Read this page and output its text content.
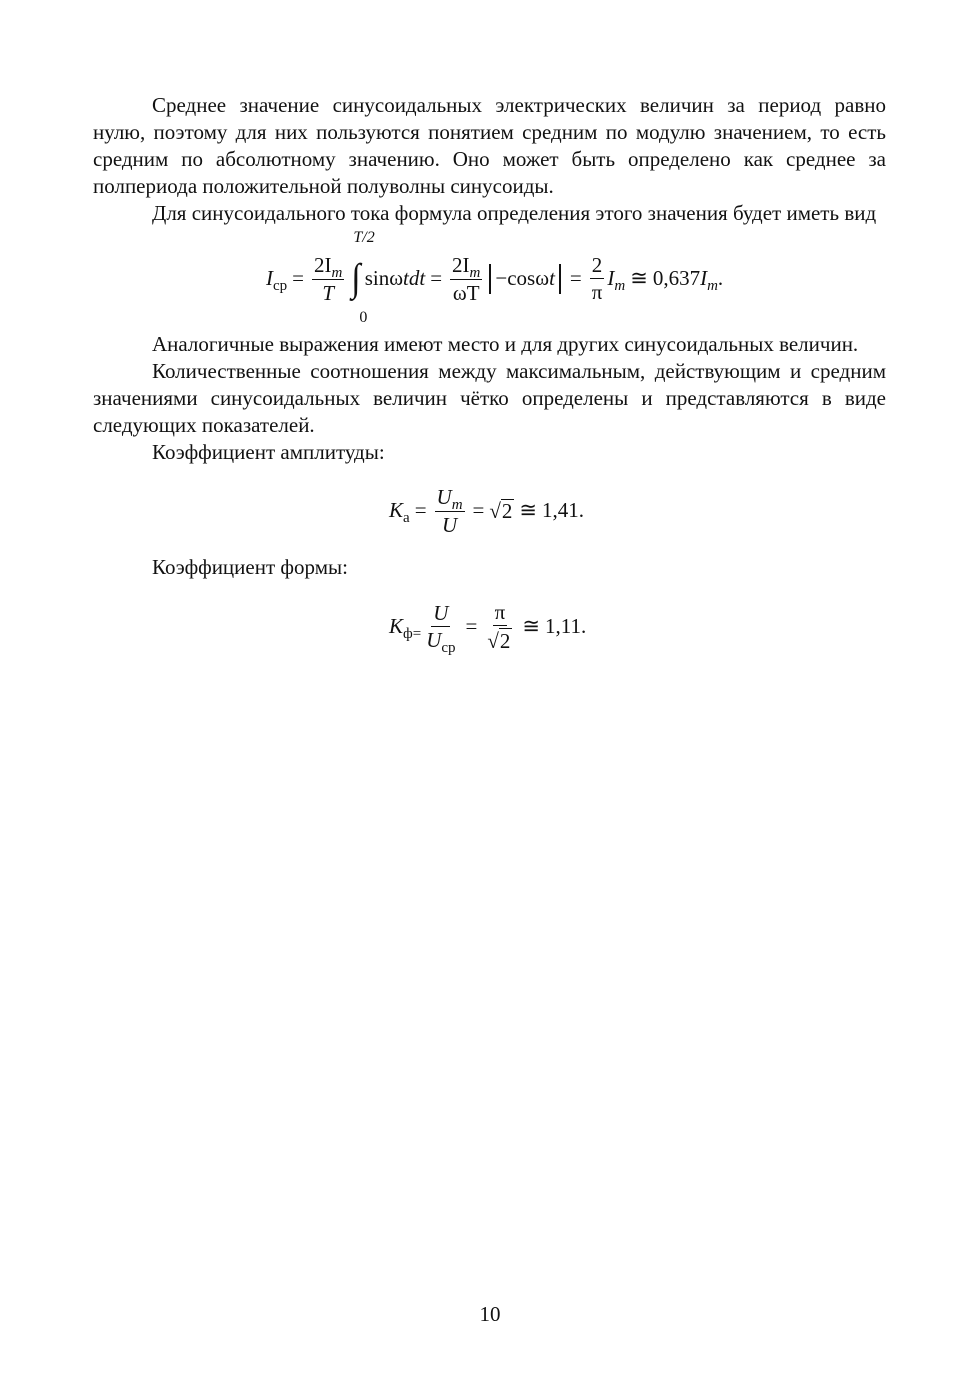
Среднее значение синусоидальных электрических величин за период равно нулю, поэтому для них пользуются понятием средним по модулю значением, то есть средним по абсолютному значению. Оно может быть определено как среднее за полпериода положительной полуволны синусоиды.

Для синусоидального тока формула определения этого значения будет иметь вид

$I_{ср} = \frac{2I_m}{T}$
T/2
∫
0
$\sin\omega tdt = \frac{2I_m}{\omega T} -\cos\omega t = \frac{2}{\pi} I_m$ ≅ 0,637 $I_m$ .

Аналогичные выражения имеют место и для других синусоидальных величин.

Количественные соотношения между максимальным, действующим и средним значениями синусоидальных величин чётко определены и представляются в виде следующих показателей.

Коэффициент амплитуды:

$K_а = \frac{U_m}{U}$ = √ 2 ≅ 1,41.

Коэффициент формы:

$K_{ф=} \frac{U}{U_{ср}} = \frac{\pi}{√ 2}$ ≅ 1,11.
10
